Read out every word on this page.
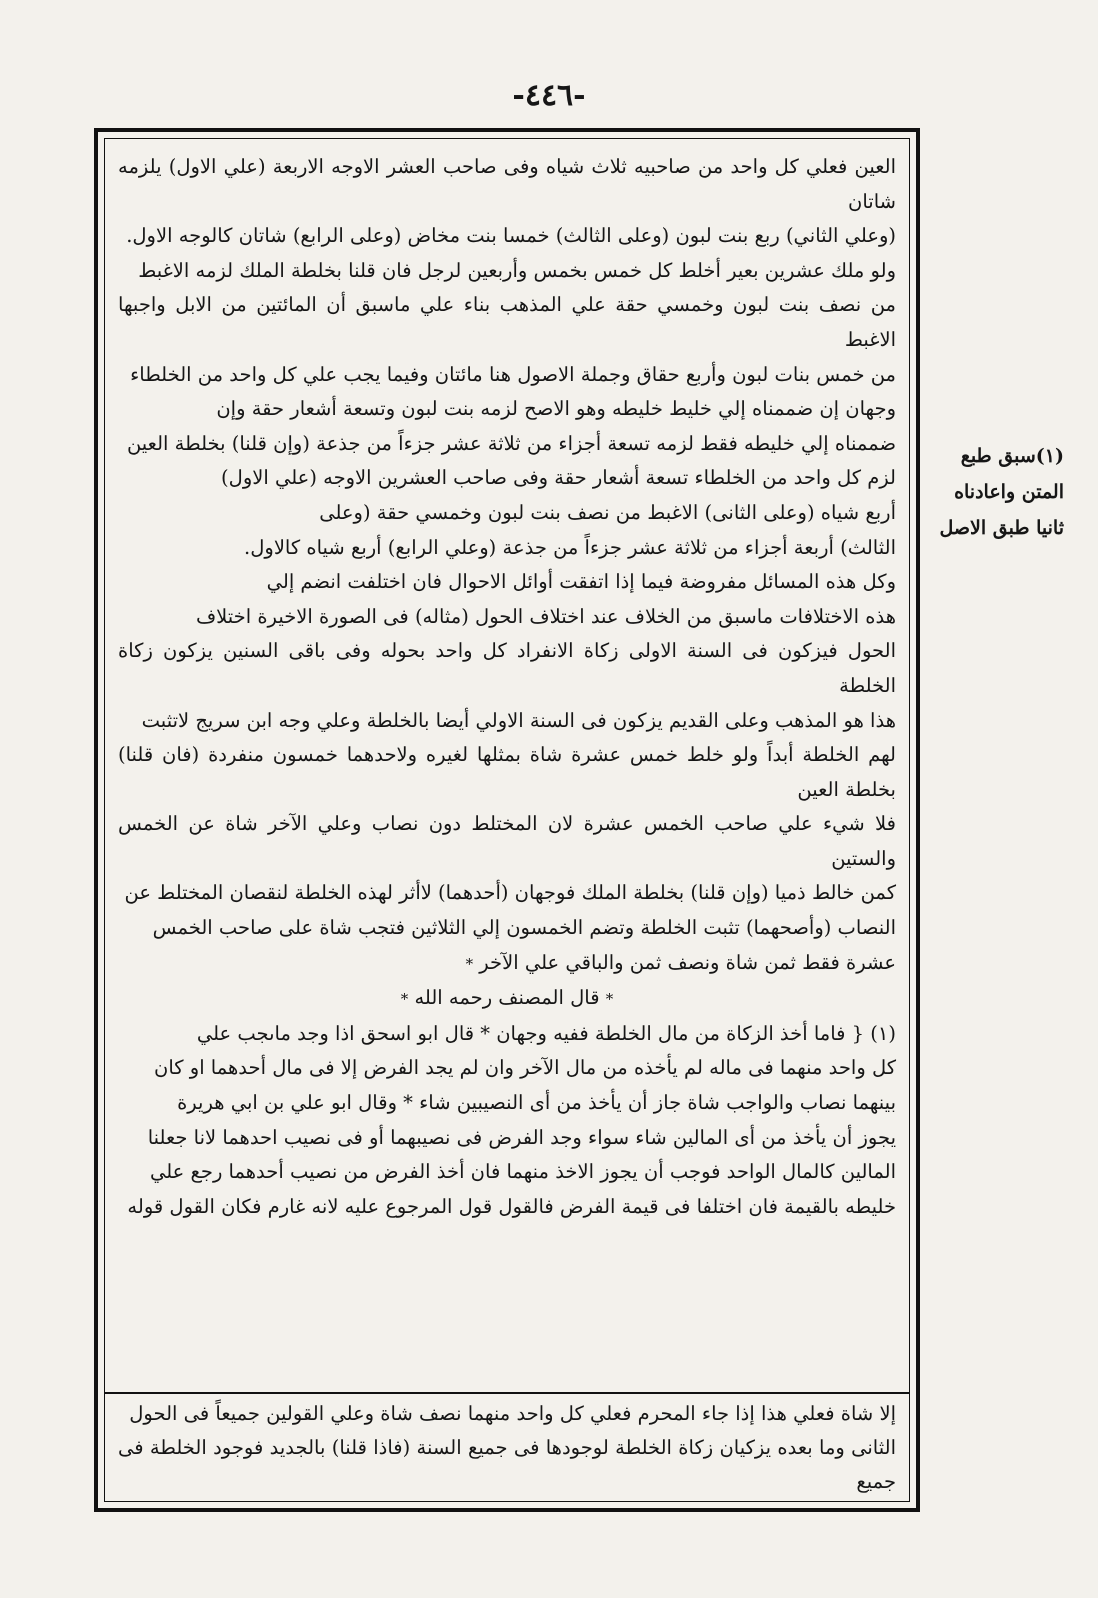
-٤٤٦-

العين فعلي كل واحد من صاحبيه ثلاث شياه وفى صاحب العشر الاوجه الاربعة (علي الاول) يلزمه شاتان

(وعلي الثاني) ربع بنت لبون (وعلى الثالث) خمسا بنت مخاض (وعلى الرابع) شاتان كالوجه الاول.

ولو ملك عشرين بعير أخلط كل خمس بخمس وأربعين لرجل فان قلنا بخلطة الملك لزمه الاغبط

من نصف بنت لبون وخمسي حقة علي المذهب بناء علي ماسبق أن المائتين من الابل واجبها الاغبط

من خمس بنات لبون وأربع حقاق وجملة الاصول هنا مائتان وفيما يجب علي كل واحد من الخلطاء

وجهان إن ضممناه إلي خليط خليطه وهو الاصح لزمه بنت لبون وتسعة أشعار حقة وإن

ضممناه إلي خليطه فقط لزمه تسعة أجزاء من ثلاثة عشر جزءاً من جذعة (وإن قلنا) بخلطة العين

لزم كل واحد من الخلطاء تسعة أشعار حقة وفى صاحب العشرين الاوجه (علي الاول)

أربع شياه (وعلى الثانى) الاغبط من نصف بنت لبون وخمسي حقة (وعلى

الثالث) أربعة أجزاء من ثلاثة عشر جزءاً من جذعة (وعلي الرابع) أربع شياه كالاول.

وكل هذه المسائل مفروضة فيما إذا اتفقت أوائل الاحوال فان اختلفت انضم إلي

هذه الاختلافات ماسبق من الخلاف عند اختلاف الحول (مثاله) فى الصورة الاخيرة اختلاف

الحول فيزكون فى السنة الاولى زكاة الانفراد كل واحد بحوله وفى باقى السنين يزكون زكاة الخلطة

هذا هو المذهب وعلى القديم يزكون فى السنة الاولي أيضا بالخلطة وعلي وجه ابن سريج لاتثبت

لهم الخلطة أبداً ولو خلط خمس عشرة شاة بمثلها لغيره ولاحدهما خمسون منفردة (فان قلنا) بخلطة العين

فلا شيء علي صاحب الخمس عشرة لان المختلط دون نصاب وعلي الآخر شاة عن الخمس والستين

كمن خالط ذميا (وإن قلنا) بخلطة الملك فوجهان (أحدهما) لاأثر لهذه الخلطة لنقصان المختلط عن

النصاب (وأصحهما) تثبت الخلطة وتضم الخمسون إلي الثلاثين فتجب شاة على صاحب الخمس

عشرة فقط ثمن شاة ونصف ثمن والباقي علي الآخر *

* قال المصنف رحمه الله *

(١) { فاما أخذ الزكاة من مال الخلطة ففيه وجهان * قال ابو اسحق اذا وجد ماىجب علي

كل واحد منهما فى ماله لم يأخذه من مال الآخر وان لم يجد الفرض إلا فى مال أحدهما او كان

بينهما نصاب والواجب شاة جاز أن يأخذ من أى النصيبين شاء * وقال ابو علي بن ابي هريرة

يجوز أن يأخذ من أى المالين شاء سواء وجد الفرض فى نصيبهما أو فى نصيب احدهما لانا جعلنا

المالين كالمال الواحد فوجب أن يجوز الاخذ منهما فان أخذ الفرض من نصيب أحدهما رجع علي

خليطه بالقيمة فان اختلفا فى قيمة الفرض فالقول قول المرجوع عليه لانه غارم فكان القول قوله

إلا شاة فعلي هذا إذا جاء المحرم فعلي كل واحد منهما نصف شاة وعلي القولين جميعاً فى الحول

الثانى وما بعده يزكيان زكاة الخلطة لوجودها فى جميع السنة (فاذا قلنا) بالجديد فوجود الخلطة فى جميع

(١)سبق طبع

المتن واعادناه

ثانيا طبق الاصل
